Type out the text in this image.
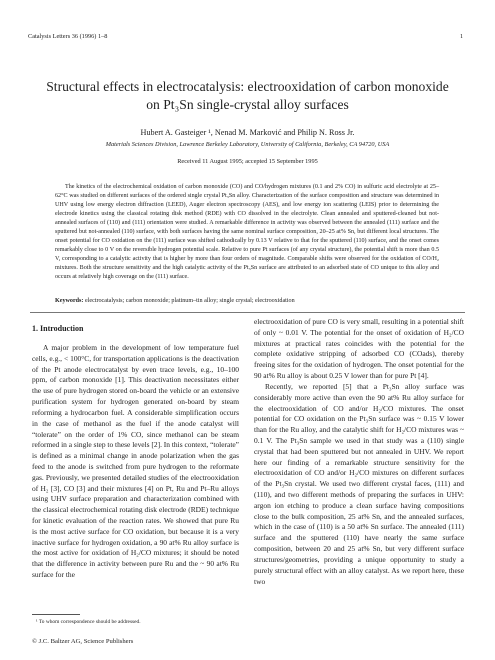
Catalysis Letters 36 (1996) 1–8	1
Structural effects in electrocatalysis: electrooxidation of carbon monoxide on Pt₃Sn single-crystal alloy surfaces
Hubert A. Gasteiger ¹, Nenad M. Marković and Philip N. Ross Jr.
Materials Sciences Division, Lawrence Berkeley Laboratory, University of California, Berkeley, CA 94720, USA
Received 11 August 1995; accepted 15 September 1995
The kinetics of the electrochemical oxidation of carbon monoxide (CO) and CO/hydrogen mixtures (0.1 and 2% CO) in sulfuric acid electrolyte at 25–62°C was studied on different surfaces of the ordered single crystal Pt₃Sn alloy. Characterization of the surface composition and structure was determined in UHV using low energy electron diffraction (LEED), Auger electron spectroscopy (AES), and low energy ion scattering (LEIS) prior to determining the electrode kinetics using the classical rotating disk method (RDE) with CO dissolved in the electrolyte. Clean annealed and sputtered-cleaned but not-annealed surfaces of (110) and (111) orientation were studied. A remarkable difference in activity was observed between the annealed (111) surface and the sputtered but not-annealed (110) surface, with both surfaces having the same nominal surface composition, 20–25 at% Sn, but different local structures. The onset potential for CO oxidation on the (111) surface was shifted cathodically by 0.13 V relative to that for the sputtered (110) surface, and the onset comes remarkably close to 0 V on the reversible hydrogen potential scale. Relative to pure Pt surfaces (of any crystal structure), the potential shift is more than 0.5 V, corresponding to a catalytic activity that is higher by more than four orders of magnitude. Comparable shifts were observed for the oxidation of CO/H₂ mixtures. Both the structure sensitivity and the high catalytic activity of the Pt₃Sn surface are attributed to an adsorbed state of CO unique to this alloy and occurs at relatively high coverage on the (111) surface.
Keywords: electrocatalysis; carbon monoxide; platinum–tin alloy; single crystal; electrooxidation
1. Introduction
A major problem in the development of low temperature fuel cells, e.g., < 100°C, for transportation applications is the deactivation of the Pt anode electrocatalyst by even trace levels, e.g., 10–100 ppm, of carbon monoxide [1]. This deactivation necessitates either the use of pure hydrogen stored on-board the vehicle or an extensive purification system for hydrogen generated on-board by steam reforming a hydrocarbon fuel. A considerable simplification occurs in the case of methanol as the fuel if the anode catalyst will “tolerate” on the order of 1% CO, since methanol can be steam reformed in a single step to these levels [2]. In this context, “tolerate” is defined as a minimal change in anode polarization when the gas feed to the anode is switched from pure hydrogen to the reformate gas. Previously, we presented detailed studies of the electrooxidation of H₂ [3], CO [3] and their mixtures [4] on Pt, Ru and Pt–Ru alloys using UHV surface preparation and characterization combined with the classical electrochemical rotating disk electrode (RDE) technique for kinetic evaluation of the reaction rates. We showed that pure Ru is the most active surface for CO oxidation, but because it is a very inactive surface for hydrogen oxidation, a 90 at% Ru alloy surface is the most active for oxidation of H₂/CO mixtures; it should be noted that the difference in activity between pure Ru and the ~ 90 at% Ru surface for the

electrooxidation of pure CO is very small, resulting in a potential shift of only ~ 0.01 V. The potential for the onset of oxidation of H₂/CO mixtures at practical rates coincides with the potential for the complete oxidative stripping of adsorbed CO (COads), thereby freeing sites for the oxidation of hydrogen. The onset potential for the 90 at% Ru alloy is about 0.25 V lower than for pure Pt [4].

Recently, we reported [5] that a Pt₃Sn alloy surface was considerably more active than even the 90 at% Ru alloy surface for the electrooxidation of CO and/or H₂/CO mixtures. The onset potential for CO oxidation on the Pt₃Sn surface was ~ 0.15 V lower than for the Ru alloy, and the catalytic shift for H₂/CO mixtures was ~ 0.1 V. The Pt₃Sn sample we used in that study was a (110) single crystal that had been sputtered but not annealed in UHV. We report here our finding of a remarkable structure sensitivity for the electrooxidation of CO and/or H₂/CO mixtures on different surfaces of the Pt₃Sn crystal. We used two different crystal faces, (111) and (110), and two different methods of preparing the surfaces in UHV: argon ion etching to produce a clean surface having compositions close to the bulk composition, 25 at% Sn, and the annealed surfaces, which in the case of (110) is a 50 at% Sn surface. The annealed (111) surface and the sputtered (110) have nearly the same surface composition, between 20 and 25 at% Sn, but very different surface structures/geometries, providing a unique opportunity to study a purely structural effect with an alloy catalyst. As we report here, these two

¹ To whom correspondence should be addressed.
© J.C. Baltzer AG, Science Publishers
